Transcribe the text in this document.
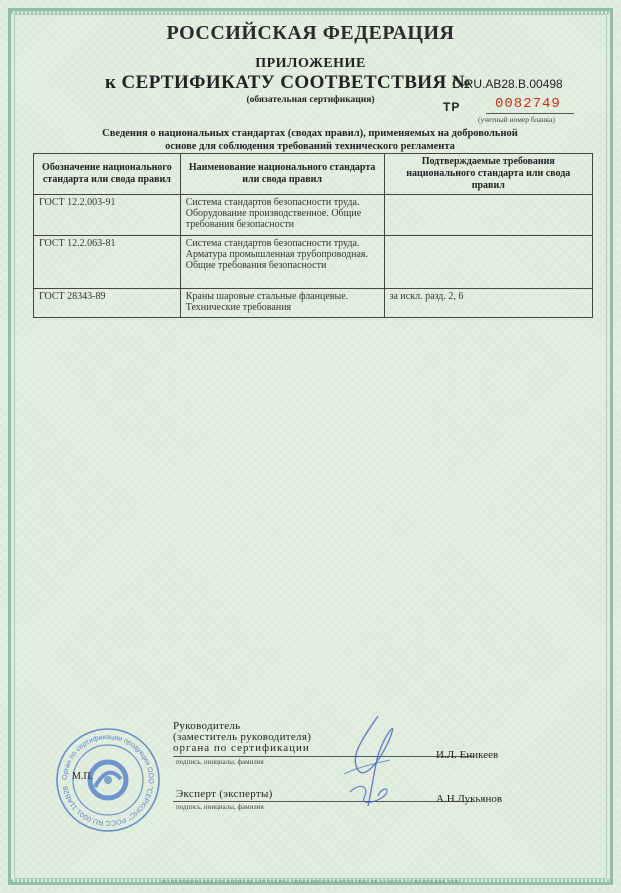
РОССИЙСКАЯ ФЕДЕРАЦИЯ
ПРИЛОЖЕНИЕ
к СЕРТИФИКАТУ СООТВЕТСТВИЯ №
C-RU.АВ28.В.00498
(обязательная сертификация)	ТР 0082749
(учетный номер бланка)
Сведения о национальных стандартах (сводах правил), применяемых на добровольной
основе для соблюдения требований технического регламента
Обозначение национального стандарта или свода правил	Наименование национального стандарта или свода правил	Подтверждаемые требования национального стандарта или свода правил
ГОСТ 12.2.003-91	Система стандартов безопасности труда. Оборудование производственное. Общие требования безопасности	
ГОСТ 12.2.063-81	Система стандартов безопасности труда. Арматура промышленная трубопроводная. Общие требования безопасности	
ГОСТ 28343-89	Краны шаровые стальные фланцевые. Технические требования	за искл. разд. 2, 6
Орган по сертификации продукции ООО "СЕРКОНС" РОСС RU.0001.11АВ28
М.П.
Руководитель
(заместитель руководителя)
органа по сертификации
подпись, инициалы, фамилия
И.Л. Еникеев
Эксперт (эксперты)
подпись, инициалы, фамилия
А.Н.Лукьянов
ПОЛИГРАФИЧЕСКОЕ ПРЕДПРИЯТИЕ «ПРОТОТИП», ЛИЦЕНЗИЯ №05-05-09/003 ФНС РФ, ТЗ №193, Т. 1 АО МОСКВА, 2008
